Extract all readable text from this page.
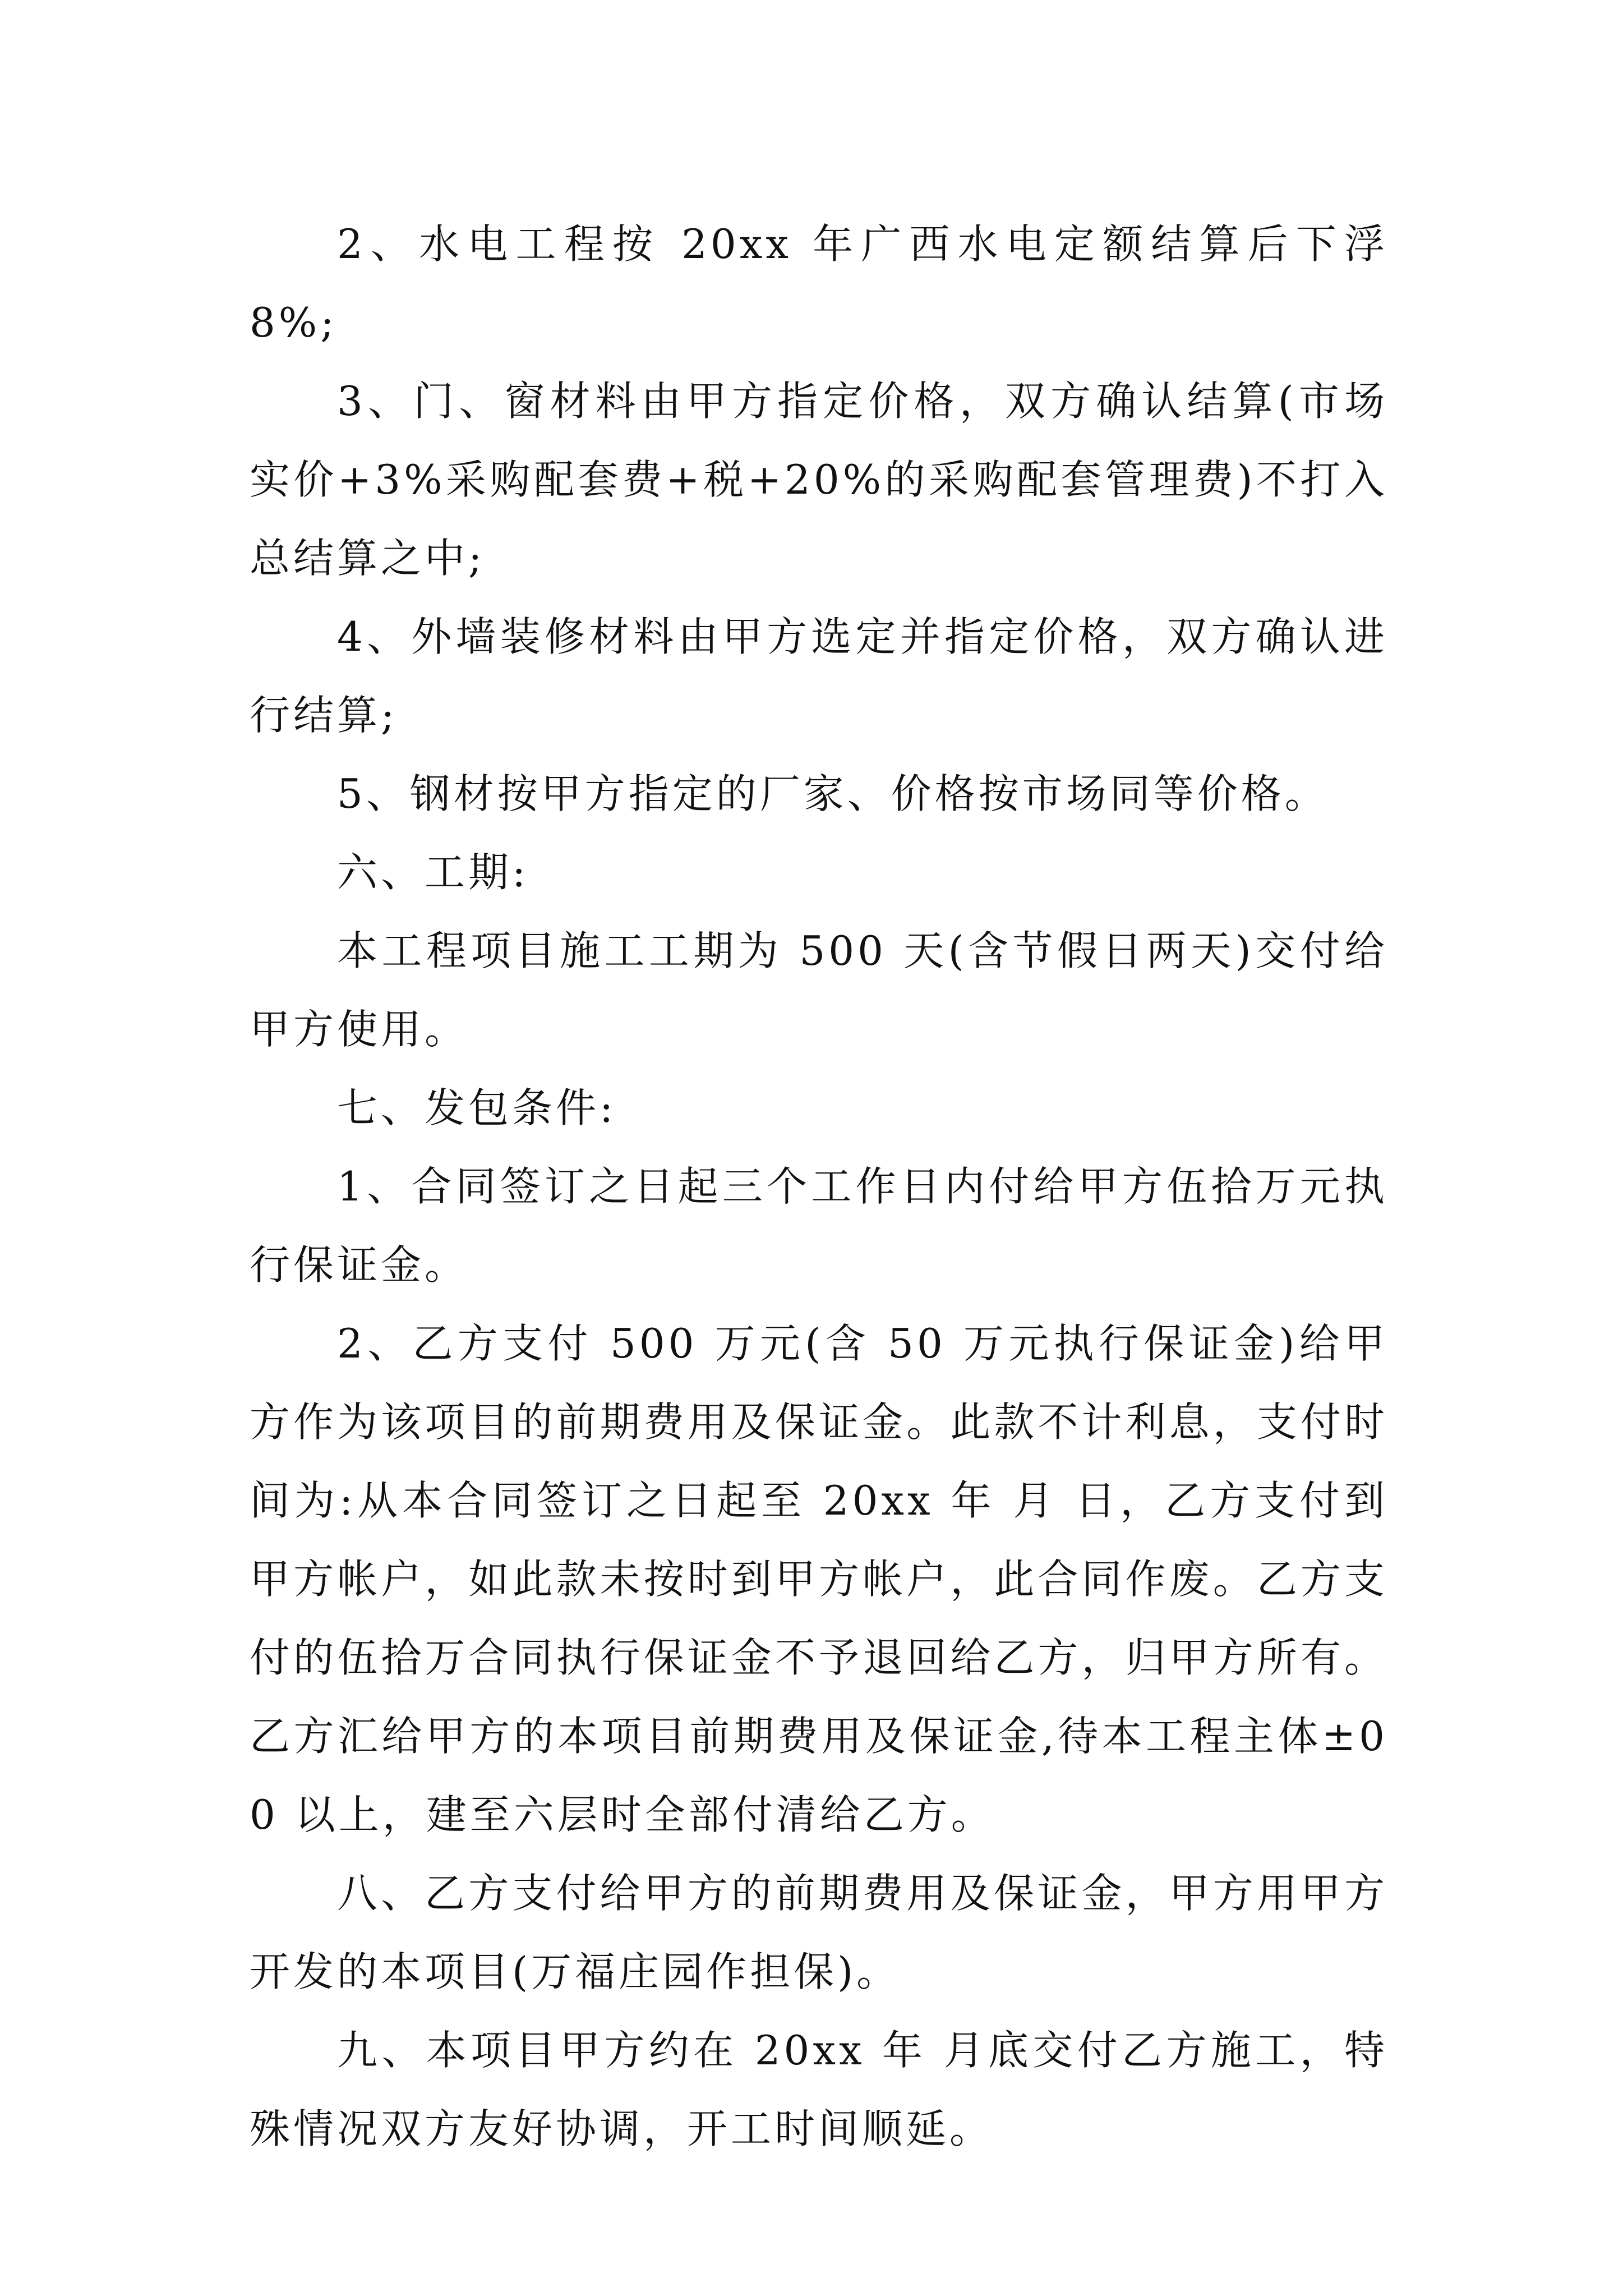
2、水电工程按 20xx 年广西水电定额结算后下浮 8%;

3、门、窗材料由甲方指定价格，双方确认结算(市场实价+3%采购配套费+税+20%的采购配套管理费)不打入总结算之中;

4、外墙装修材料由甲方选定并指定价格，双方确认进行结算;

5、钢材按甲方指定的厂家、价格按市场同等价格。

六、工期:

本工程项目施工工期为 500 天(含节假日两天)交付给甲方使用。

七、发包条件:

1、合同签订之日起三个工作日内付给甲方伍拾万元执行保证金。

2、乙方支付 500 万元(含 50 万元执行保证金)给甲方作为该项目的前期费用及保证金。此款不计利息，支付时间为:从本合同签订之日起至 20xx 年 月 日，乙方支付到甲方帐户，如此款未按时到甲方帐户，此合同作废。乙方支付的伍拾万合同执行保证金不予退回给乙方，归甲方所有。乙方汇给甲方的本项目前期费用及保证金,待本工程主体±00 以上，建至六层时全部付清给乙方。

八、乙方支付给甲方的前期费用及保证金，甲方用甲方开发的本项目(万福庄园作担保)。

九、本项目甲方约在 20xx 年 月底交付乙方施工，特殊情况双方友好协调，开工时间顺延。
